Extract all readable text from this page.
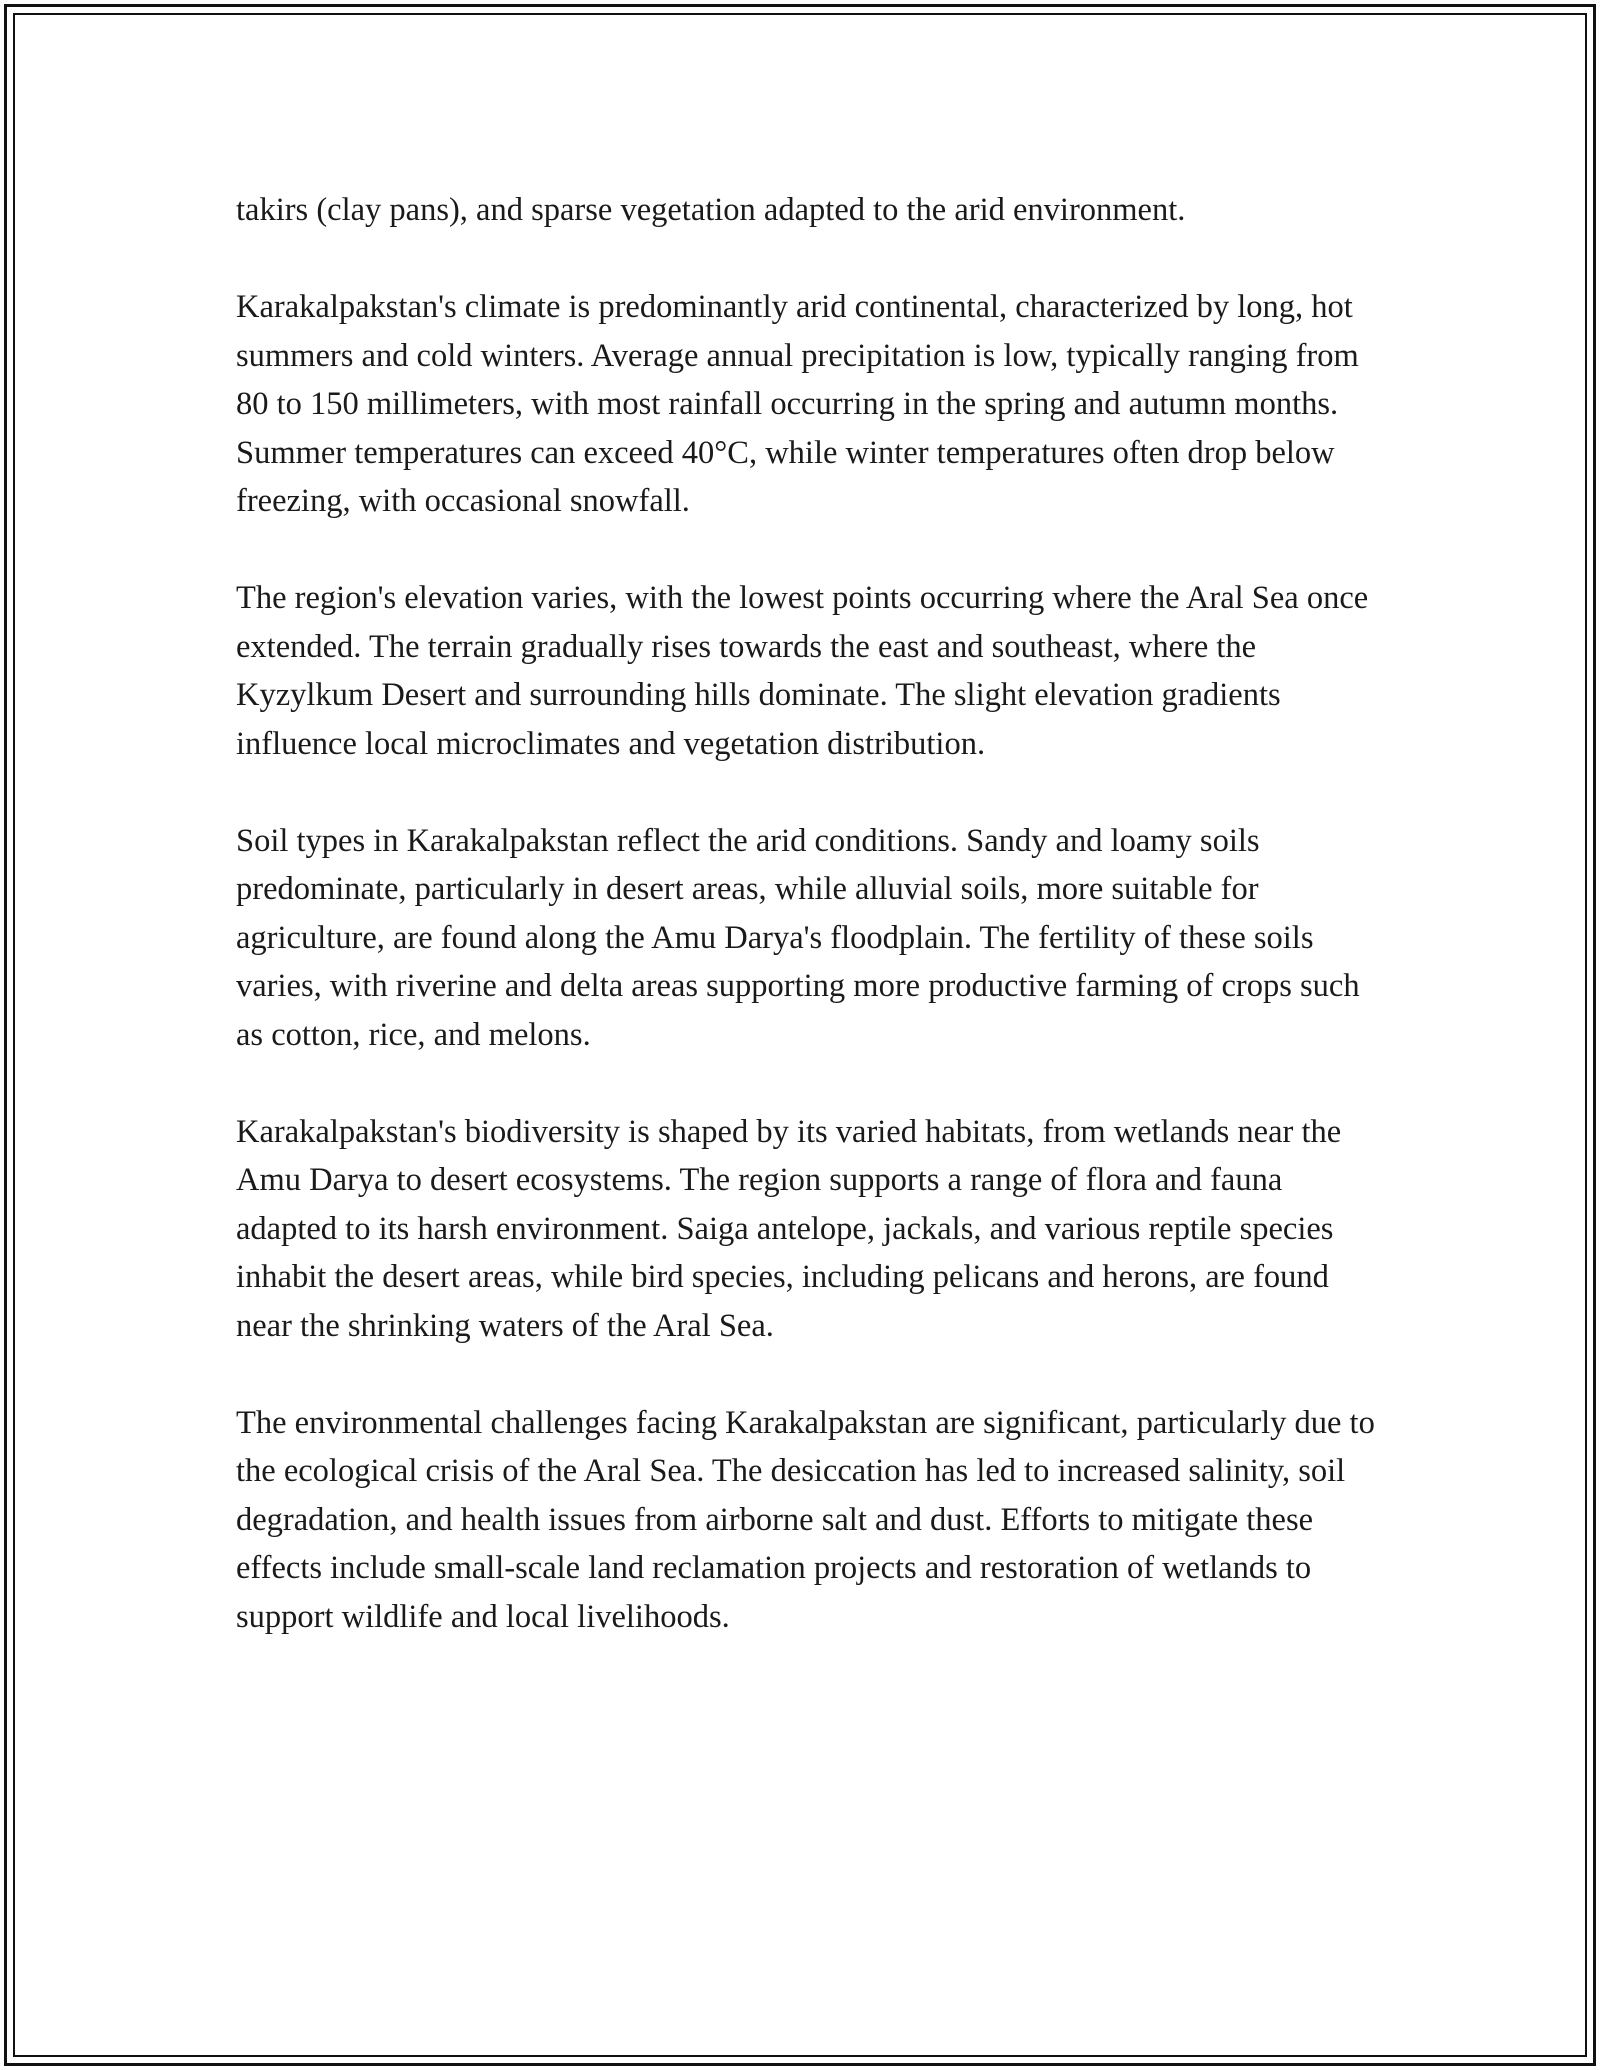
takirs (clay pans), and sparse vegetation adapted to the arid environment.

Karakalpakstan's climate is predominantly arid continental, characterized by long, hot summers and cold winters. Average annual precipitation is low, typically ranging from 80 to 150 millimeters, with most rainfall occurring in the spring and autumn months. Summer temperatures can exceed 40°C, while winter temperatures often drop below freezing, with occasional snowfall.

The region's elevation varies, with the lowest points occurring where the Aral Sea once extended. The terrain gradually rises towards the east and southeast, where the Kyzylkum Desert and surrounding hills dominate. The slight elevation gradients influence local microclimates and vegetation distribution.

Soil types in Karakalpakstan reflect the arid conditions. Sandy and loamy soils predominate, particularly in desert areas, while alluvial soils, more suitable for agriculture, are found along the Amu Darya's floodplain. The fertility of these soils varies, with riverine and delta areas supporting more productive farming of crops such as cotton, rice, and melons.

Karakalpakstan's biodiversity is shaped by its varied habitats, from wetlands near the Amu Darya to desert ecosystems. The region supports a range of flora and fauna adapted to its harsh environment. Saiga antelope, jackals, and various reptile species inhabit the desert areas, while bird species, including pelicans and herons, are found near the shrinking waters of the Aral Sea.

The environmental challenges facing Karakalpakstan are significant, particularly due to the ecological crisis of the Aral Sea. The desiccation has led to increased salinity, soil degradation, and health issues from airborne salt and dust. Efforts to mitigate these effects include small-scale land reclamation projects and restoration of wetlands to support wildlife and local livelihoods.
